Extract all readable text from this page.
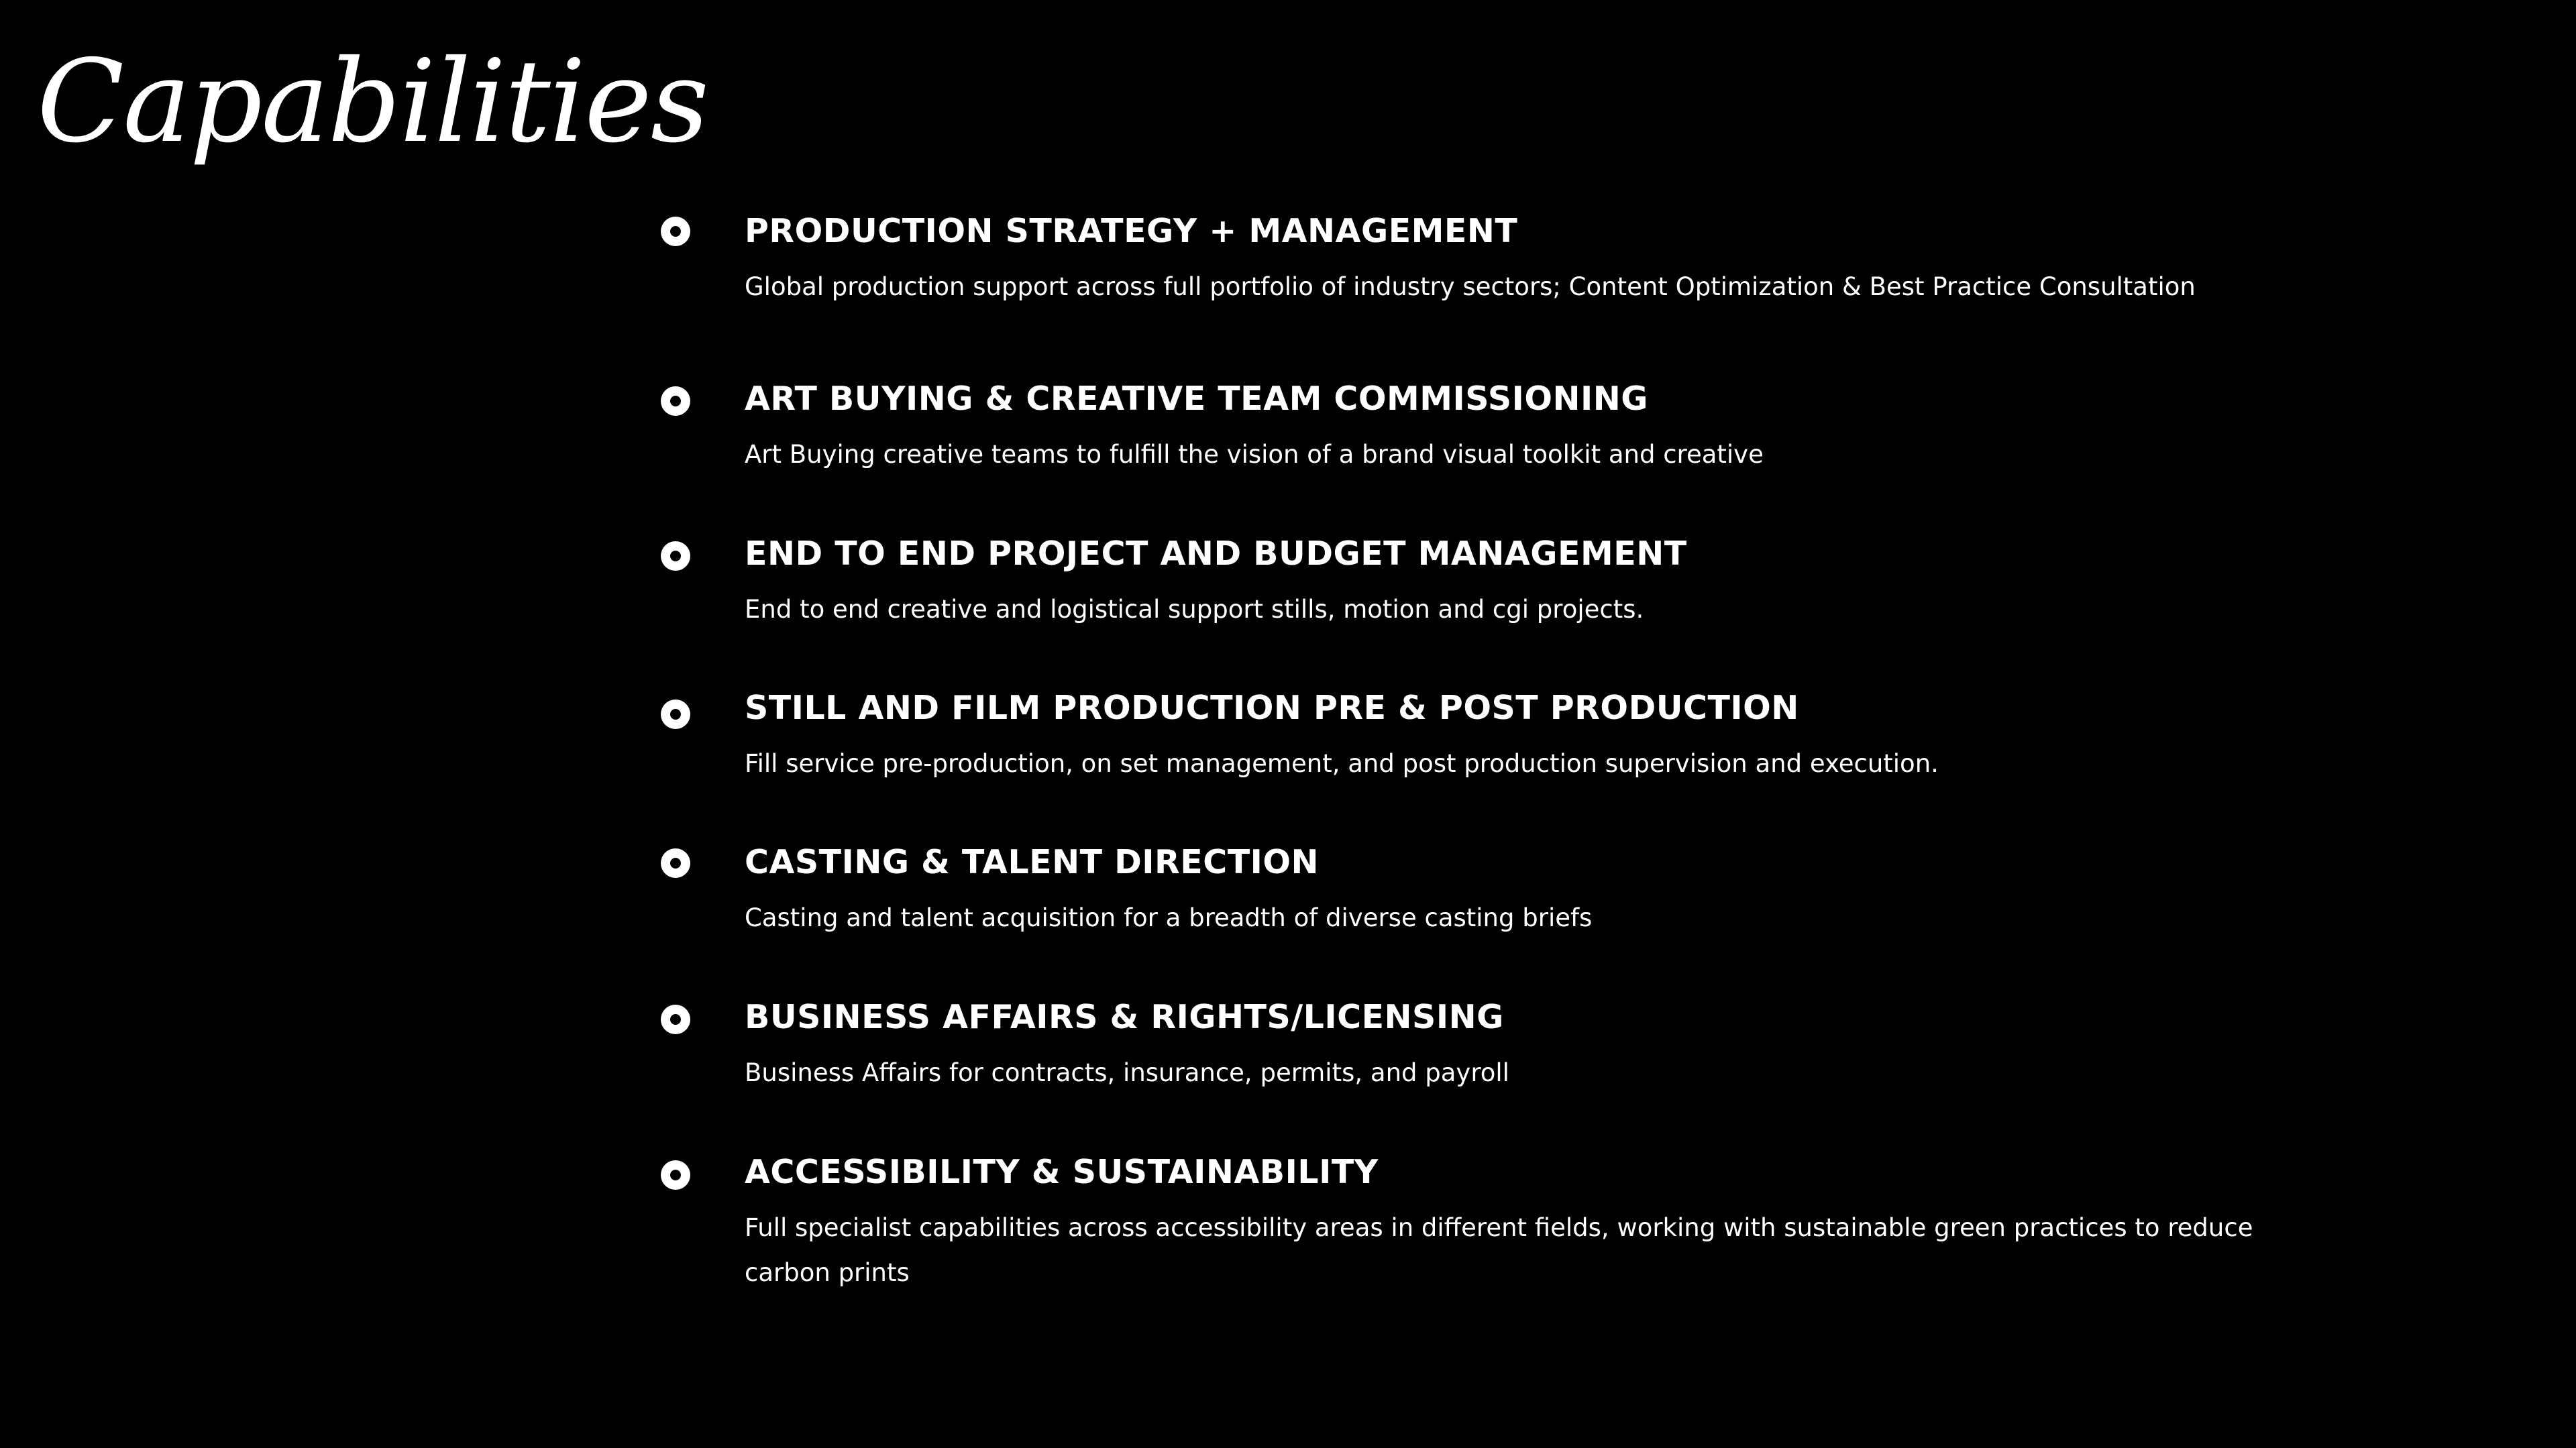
Capabilities
PRODUCTION STRATEGY + MANAGEMENT

Global production support across full portfolio of industry sectors; Content Optimization & Best Practice Consultation

ART BUYING & CREATIVE TEAM COMMISSIONING

Art Buying creative teams to fulfill the vision of a brand visual toolkit and creative

END TO END PROJECT AND BUDGET MANAGEMENT

End to end creative and logistical support stills, motion and cgi projects.

STILL AND FILM PRODUCTION PRE & POST PRODUCTION

Fill service pre-production, on set management, and post production supervision and execution.

CASTING & TALENT DIRECTION

Casting and talent acquisition for a breadth of diverse casting briefs

BUSINESS AFFAIRS & RIGHTS/LICENSING

Business Affairs for contracts, insurance, permits, and payroll

ACCESSIBILITY & SUSTAINABILITY

Full specialist capabilities across accessibility areas in different fields, working with sustainable green practices to reduce carbon prints
